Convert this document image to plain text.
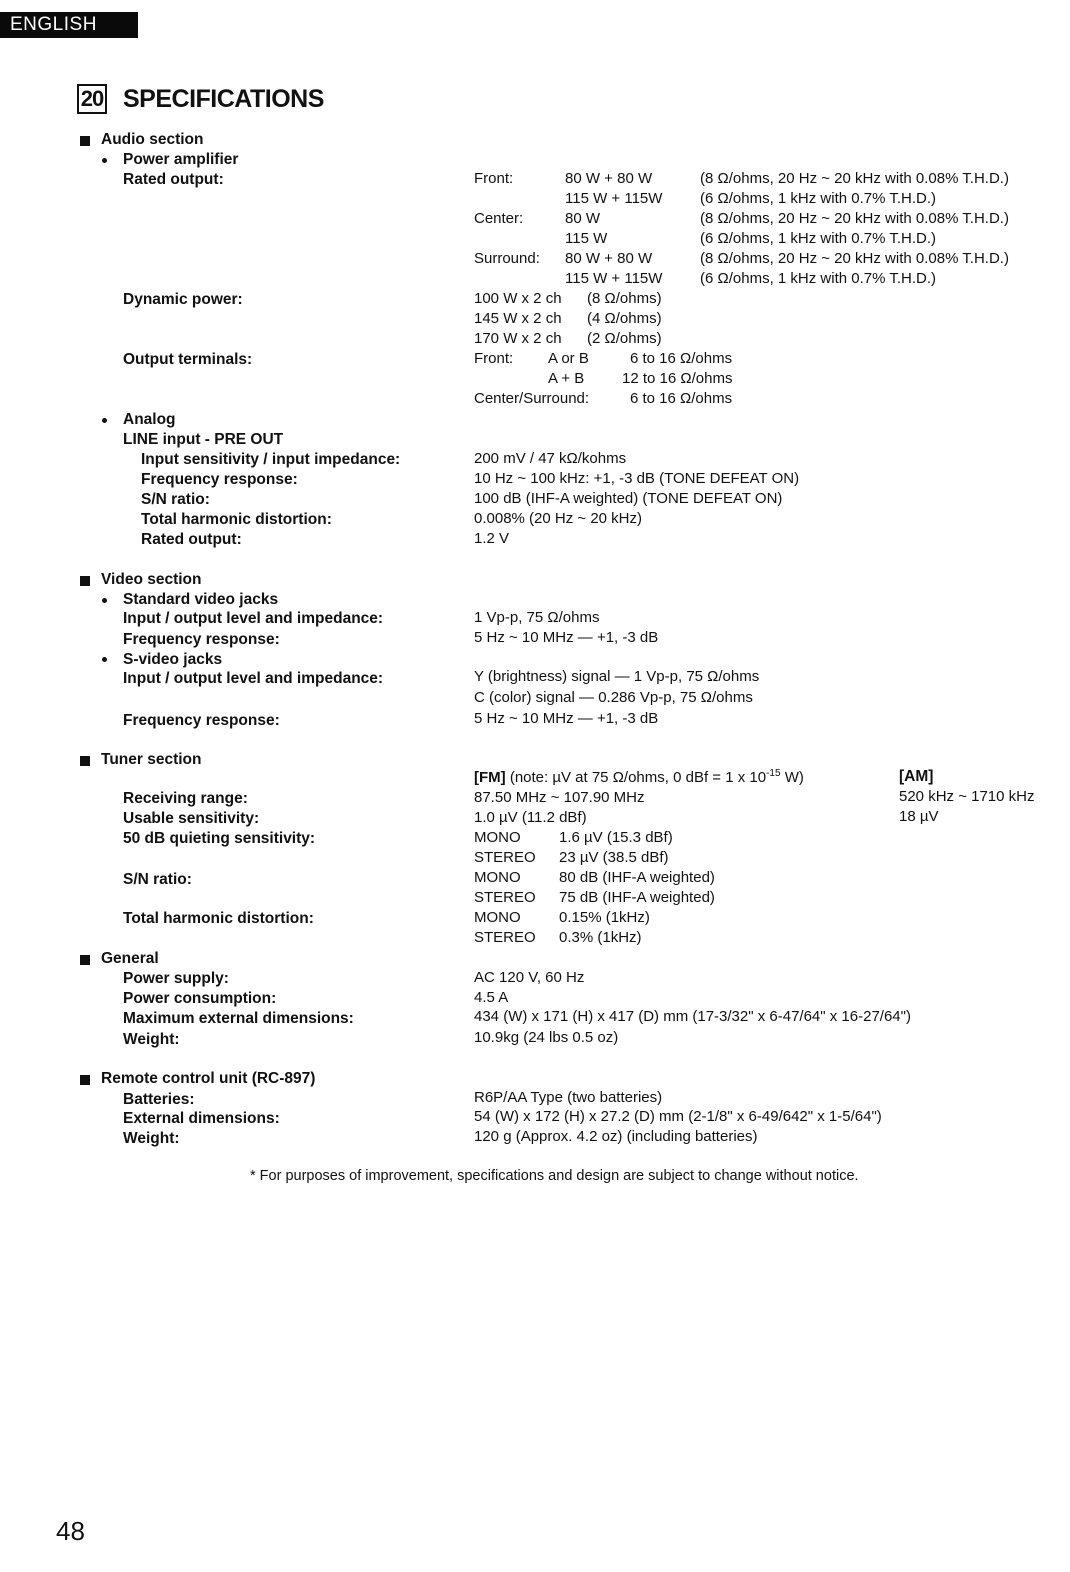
ENGLISH
20 SPECIFICATIONS
Audio section
Power amplifier
Rated output:	Front:	80 W + 80 W	(8 Ω/ohms, 20 Hz ~ 20 kHz with 0.08% T.H.D.)
115 W + 115W	(6 Ω/ohms, 1 kHz with 0.7% T.H.D.)
Center:	80 W	(8 Ω/ohms, 20 Hz ~ 20 kHz with 0.08% T.H.D.)
115 W	(6 Ω/ohms, 1 kHz with 0.7% T.H.D.)
Surround: 80 W + 80 W	(8 Ω/ohms, 20 Hz ~ 20 kHz with 0.08% T.H.D.)
115 W + 115W	(6 Ω/ohms, 1 kHz with 0.7% T.H.D.)
Dynamic power:	100 W x 2 ch (8 Ω/ohms)
145 W x 2 ch (4 Ω/ohms)
170 W x 2 ch (2 Ω/ohms)
Output terminals:	Front: A or B	6 to 16 Ω/ohms
A + B	12 to 16 Ω/ohms
Center/Surround:	6 to 16 Ω/ohms
Analog
LINE input - PRE OUT
Input sensitivity / input impedance:	200 mV / 47 kΩ/kohms
Frequency response:	10 Hz ~ 100 kHz: +1, -3 dB (TONE DEFEAT ON)
S/N ratio:	100 dB (IHF-A weighted) (TONE DEFEAT ON)
Total harmonic distortion:	0.008% (20 Hz ~ 20 kHz)
Rated output:	1.2 V
Video section
Standard video jacks
Input / output level and impedance:	1 Vp-p, 75 Ω/ohms
Frequency response:	5 Hz ~ 10 MHz — +1, -3 dB
S-video jacks
Input / output level and impedance:	Y (brightness) signal — 1 Vp-p, 75 Ω/ohms
C (color) signal — 0.286 Vp-p, 75 Ω/ohms
Frequency response:	5 Hz ~ 10 MHz — +1, -3 dB
Tuner section
[FM] (note: µV at 75 Ω/ohms, 0 dBf = 1 x $10^{-15}$ W)	[AM]
Receiving range:	87.50 MHz ~ 107.90 MHz	520 kHz ~ 1710 kHz
Usable sensitivity:	1.0 µV (11.2 dBf)	18 µV
50 dB quieting sensitivity:	MONO	1.6 µV (15.3 dBf)
STEREO 23 µV (38.5 dBf)
S/N ratio:	MONO	80 dB (IHF-A weighted)
STEREO 75 dB (IHF-A weighted)
Total harmonic distortion:	MONO	0.15% (1kHz)
STEREO 0.3% (1kHz)
General
Power supply:	AC 120 V, 60 Hz
Power consumption:	4.5 A
Maximum external dimensions:	434 (W) x 171 (H) x 417 (D) mm (17-3/32" x 6-47/64" x 16-27/64")
Weight:	10.9kg (24 lbs 0.5 oz)
Remote control unit (RC-897)
Batteries:	R6P/AA Type (two batteries)
External dimensions:	54 (W) x 172 (H) x 27.2 (D) mm (2-1/8" x 6-49/642" x 1-5/64")
Weight:	120 g (Approx. 4.2 oz) (including batteries)
* For purposes of improvement, specifications and design are subject to change without notice.
48
